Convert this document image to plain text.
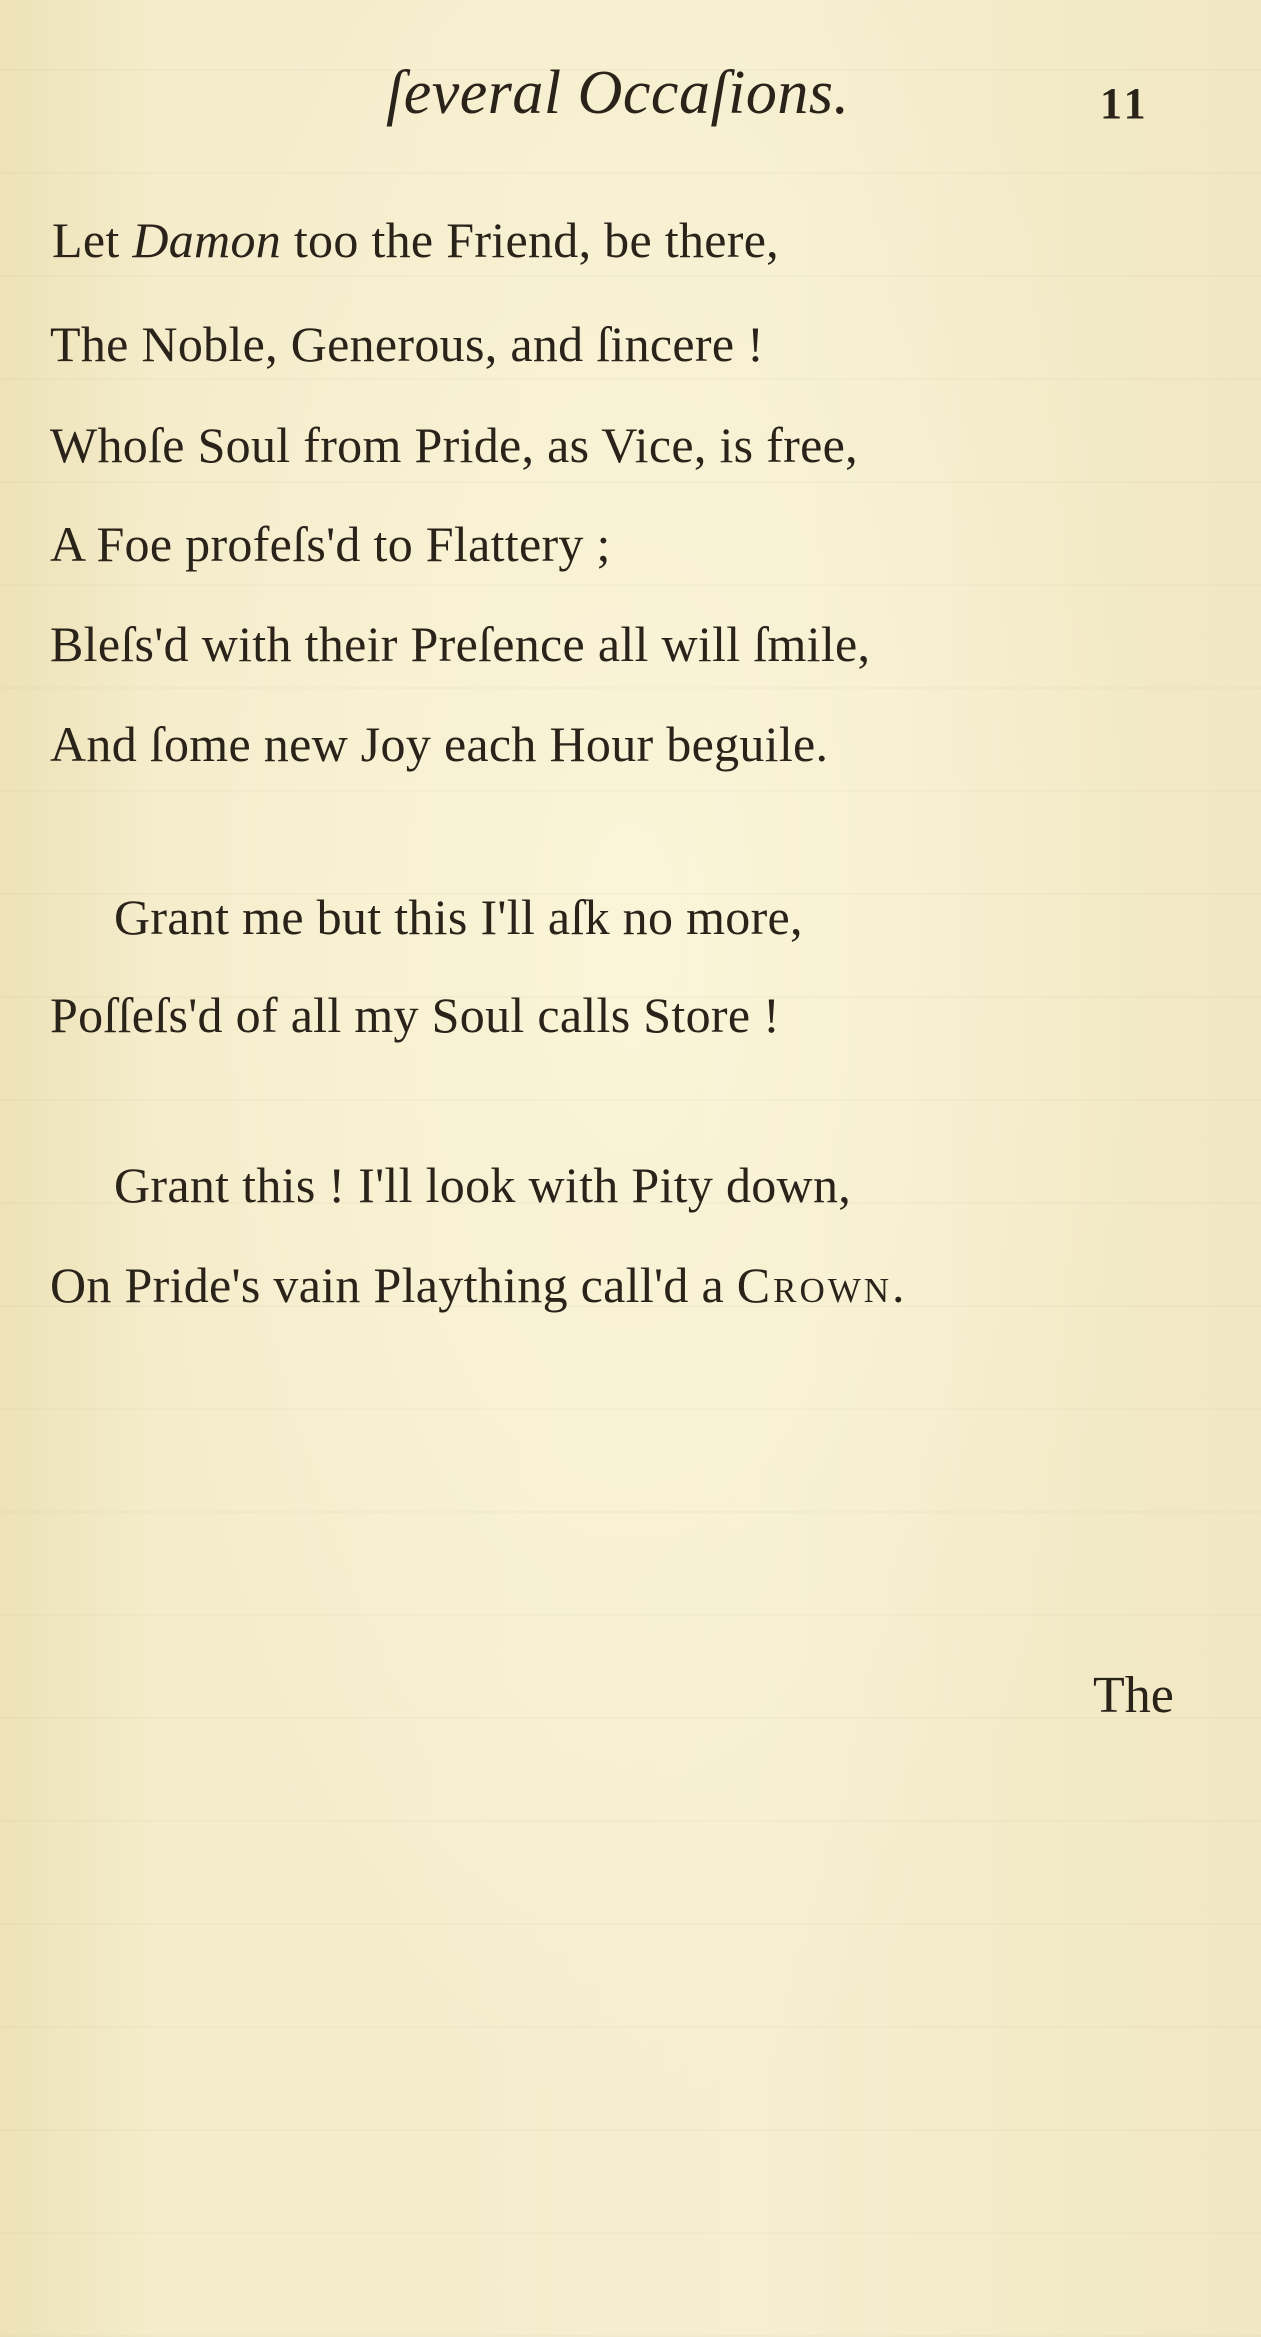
ſeveral Occaſions.	11
Let Damon too the Friend, be there,
The Noble, Generous, and ſincere !
Whoſe Soul from Pride, as Vice, is free,
A Foe profeſs'd to Flattery ;
Bleſs'd with their Preſence all will ſmile,
And ſome new Joy each Hour beguile.
Grant me but this I'll aſk no more,
Poſſeſs'd of all my Soul calls Store !
Grant this ! I'll look with Pity down,
On Pride's vain Plaything call'd a Crown.
The
